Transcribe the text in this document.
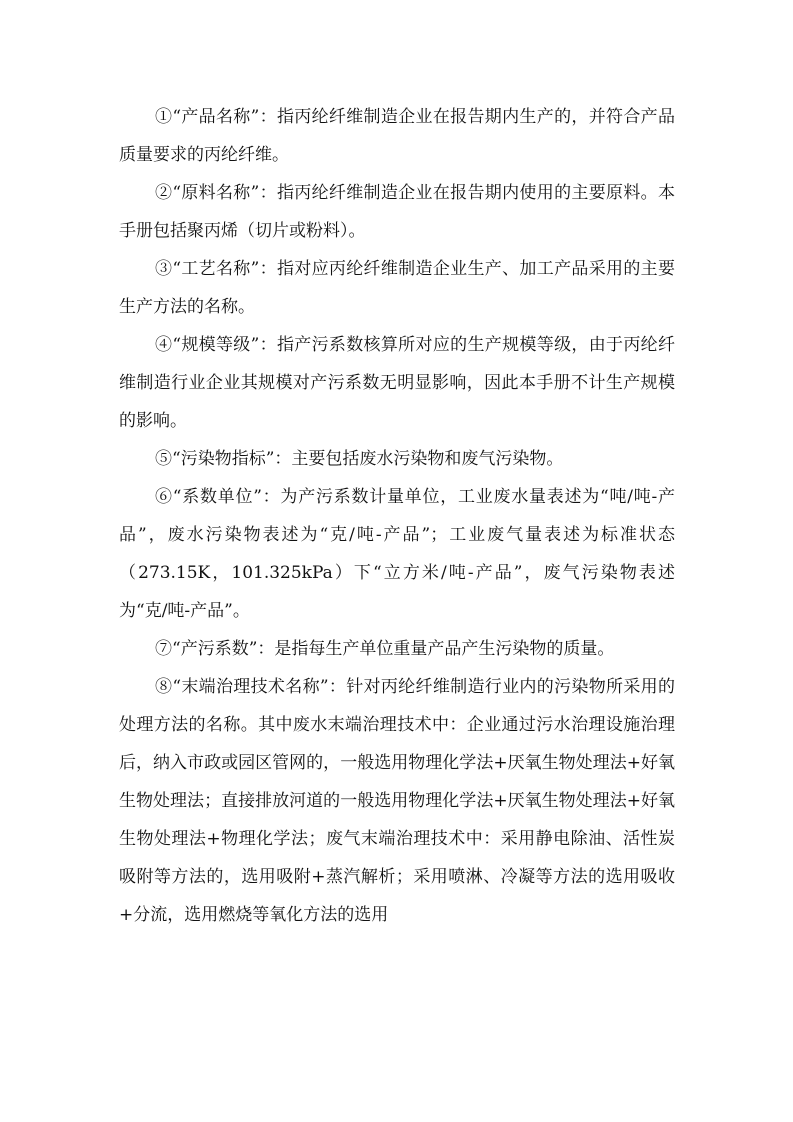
①“产品名称”：指丙纶纤维制造企业在报告期内生产的，并符合产品质量要求的丙纶纤维。

②“原料名称”：指丙纶纤维制造企业在报告期内使用的主要原料。本手册包括聚丙烯（切片或粉料）。

③“工艺名称”：指对应丙纶纤维制造企业生产、加工产品采用的主要生产方法的名称。

④“规模等级”：指产污系数核算所对应的生产规模等级，由于丙纶纤维制造行业企业其规模对产污系数无明显影响，因此本手册不计生产规模的影响。

⑤“污染物指标”：主要包括废水污染物和废气污染物。

⑥“系数单位”：为产污系数计量单位，工业废水量表述为“吨/吨-产品”，废水污染物表述为“克/吨-产品”；工业废气量表述为标准状态（273.15K，101.325kPa）下“立方米/吨-产品”，废气污染物表述为“克/吨-产品”。

⑦“产污系数”：是指每生产单位重量产品产生污染物的质量。

⑧“末端治理技术名称”：针对丙纶纤维制造行业内的污染物所采用的处理方法的名称。其中废水末端治理技术中：企业通过污水治理设施治理后，纳入市政或园区管网的，一般选用物理化学法+厌氧生物处理法+好氧生物处理法；直接排放河道的一般选用物理化学法+厌氧生物处理法+好氧生物处理法+物理化学法；废气末端治理技术中：采用静电除油、活性炭吸附等方法的，选用吸附+蒸汽解析；采用喷淋、冷凝等方法的选用吸收+分流，选用燃烧等氧化方法的选用
